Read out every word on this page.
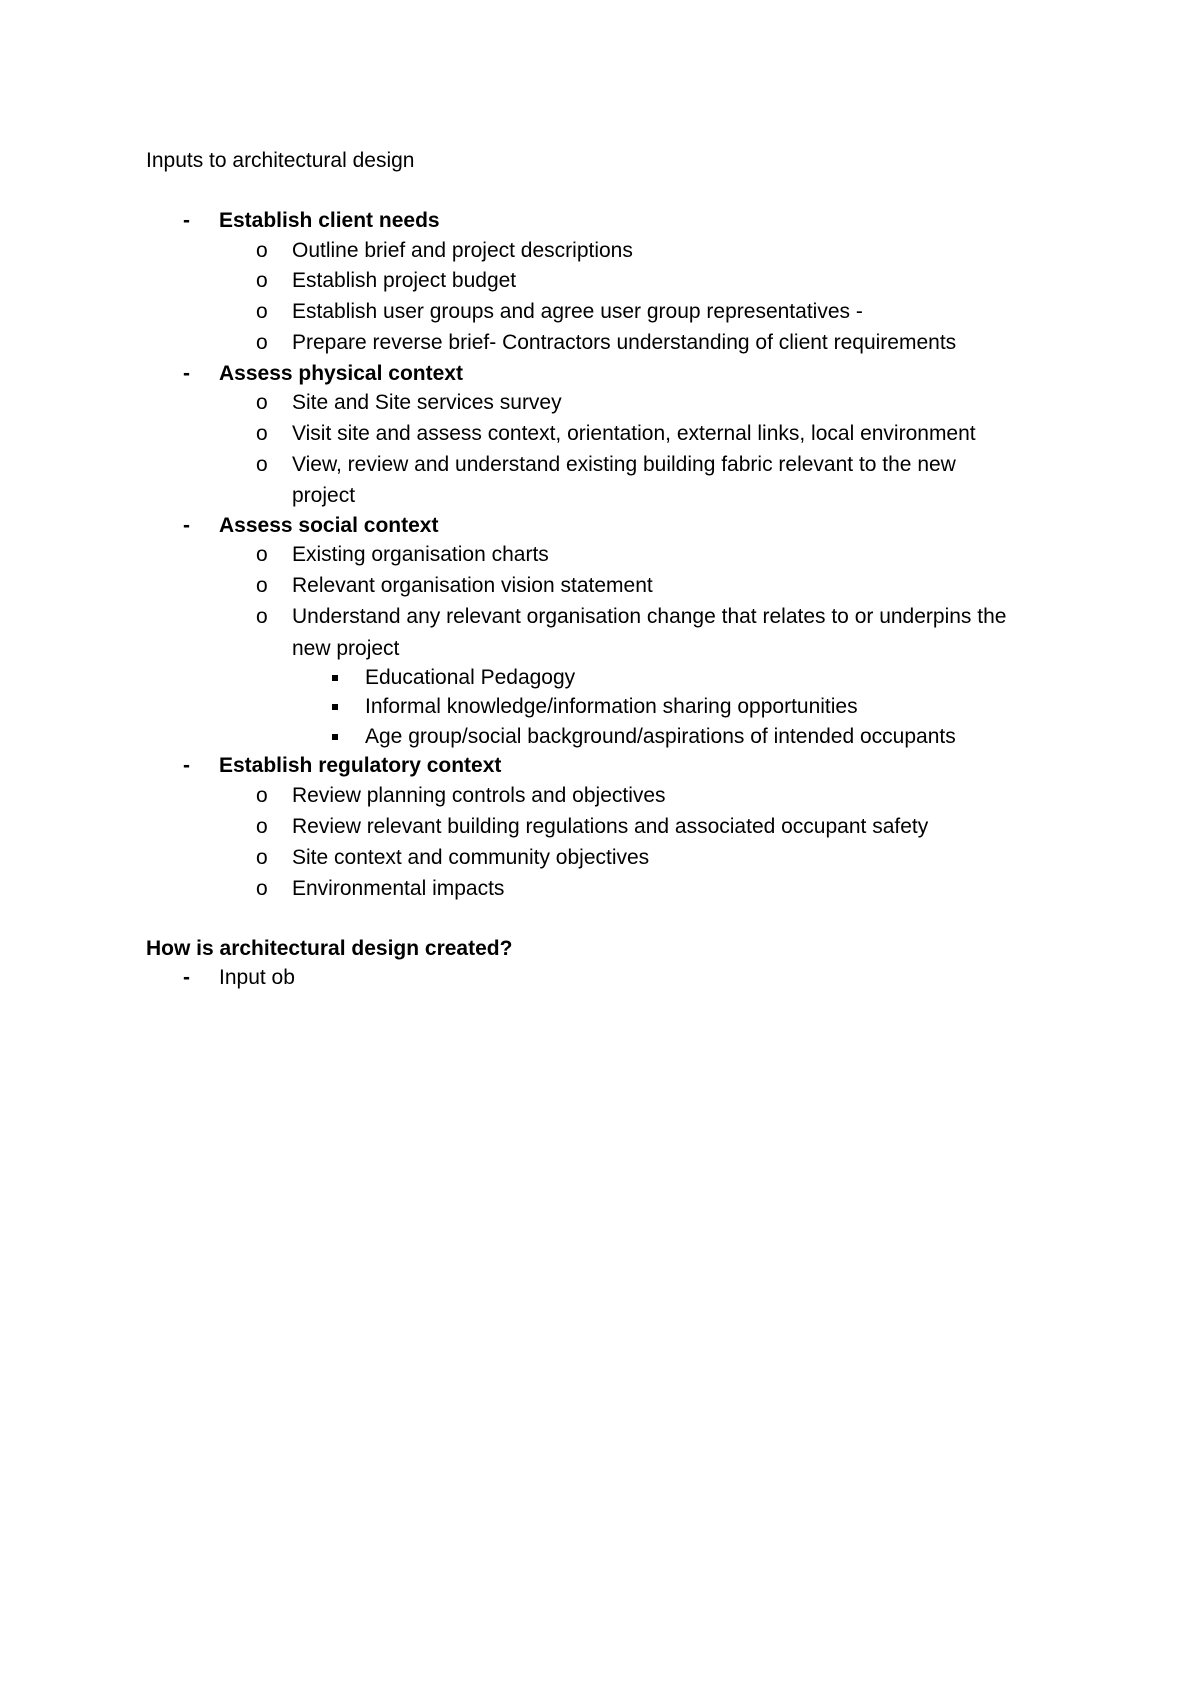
Inputs to architectural design
- Establish client needs
o Outline brief and project descriptions
o Establish project budget
o Establish user groups and agree user group representatives -
o Prepare reverse brief- Contractors understanding of client requirements
- Assess physical context
o Site and Site services survey
o Visit site and assess context, orientation, external links, local environment
o View, review and understand existing building fabric relevant to the new
project
- Assess social context
o Existing organisation charts
o Relevant organisation vision statement
o Understand any relevant organisation change that relates to or underpins the
new project
Educational Pedagogy
Informal knowledge/information sharing opportunities
Age group/social background/aspirations of intended occupants
- Establish regulatory context
o Review planning controls and objectives
o Review relevant building regulations and associated occupant safety
o Site context and community objectives
o Environmental impacts
How is architectural design created?
- Input ob
